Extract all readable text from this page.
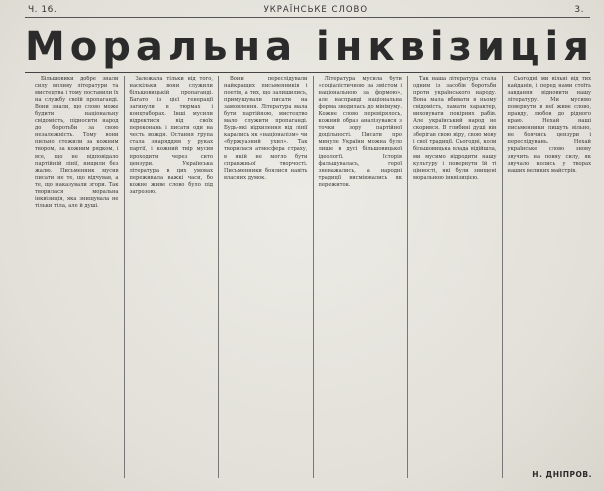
Ч. 16.	УКРАЇНСЬКЕ СЛОВО	3.
Моральна інквізиція

Більшовики добре знали силу впливу літератури та мистецтва і тому поставили їх на службу своїй пропаганді. Вони знали, що слово може будити національну свідомість, підносити народ до боротьби за свою незалежність. Тому вони пильно стежили за кожним твором, за кожним рядком, і все, що не відповідало партійній лінії, нищили без жалю. Письменник мусив писати не те, що відчував, а те, що наказували згори. Так творилася моральна інквізиція, яка знищувала не тільки тіла, але й душі.

Залежала тільки від того, наскільки вони служили більшовицькій пропаганді. Багато із цієї генерації загинули в тюрмах і концтаборах. Інші мусили відректися від своїх переконань і писати оди на честь вождя. Остання група стала знаряддям у руках партії, і кожний твір мусив проходити через сито цензури. Українська література в цих умовах переживала важкі часи, бо кожне живе слово було під загрозою.

Вони переслідували найкращих письменників і поетів, а тих, що залишились, примушували писати на замовлення. Література мала бути партійною, мистецтво мало служити пропаганді. Будь-які відхилення від лінії карались як «націоналізм» чи «буржуазний ухил». Так творилася атмосфера страху, в якій не могло бути справжньої творчості. Письменники боялися навіть власних думок.

Література мусила бути «соціалістичною за змістом і національною за формою», але насправді національна форма зводилась до мінімуму. Кожне слово перевірялось, кожний образ аналізувався з точки зору партійної доцільності. Писати про минуле України можна було лише в дусі більшовицької ідеології. Історія фальшувалась, герої зневажались, а народні традиції висміювались як пережиток.

Так наша література стала одним із засобів боротьби проти українського народу. Вона мала вбивати в ньому свідомість, ламати характер, виховувати покірних рабів. Але український народ не скорився. В глибині душі він зберігав свою віру, свою мову і свої традиції. Сьогодні, коли більшовицька влада відійшла, ми мусимо відродити нашу культуру і повернути їй ті цінності, які були знищені моральною інквізицією.

Сьогодні ми вільні від тих кайданів, і перед нами стоїть завдання відновити нашу літературу. Ми мусимо повернути в неї живе слово, правду, любов до рідного краю. Нехай наші письменники пишуть вільно, не боячись цензури і переслідувань. Нехай українське слово знову звучить на повну силу, як звучало колись у творах наших великих майстрів.

Н. ДНІПРОВ.
